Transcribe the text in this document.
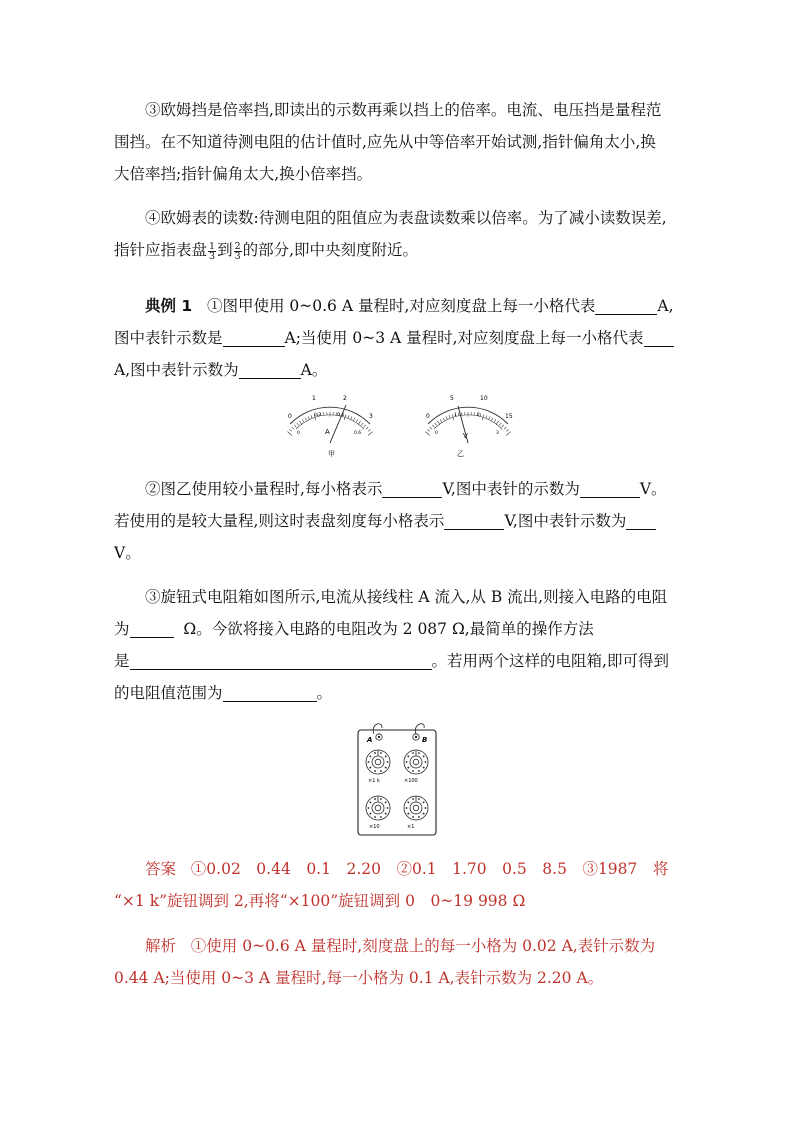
③欧姆挡是倍率挡,即读出的示数再乘以挡上的倍率。电流、电压挡是量程范

围挡。在不知道待测电阻的估计值时,应先从中等倍率开始试测,指针偏角太小,换

大倍率挡;指针偏角太大,换小倍率挡。

④欧姆表的读数:待测电阻的阻值应为表盘读数乘以倍率。为了减小读数误差,

指针应指表盘 $\frac{1}{3}$ 到 $\frac{2}{3}$ 的部分,即中央刻度附近。

典例 1 ①图甲使用 0~0.6 A 量程时,对应刻度盘上每一小格代表	A,

图中表针示数是	A;当使用 0~3 A 量程时,对应刻度盘上每一小格代表

A,图中表针示数为	A。

0
1	2
3
0
0.2	0.4
0.6
A
甲
0
5	10
15
0
1	2
3
V
乙

②图乙使用较小量程时,每小格表示	V,图中表针的示数为	V。

若使用的是较大量程,则这时表盘刻度每小格表示	V,图中表针示数为

V。

③旋钮式电阻箱如图所示,电流从接线柱 A 流入,从 B 流出,则接入电路的电阻

为	Ω。今欲将接入电路的电阻改为 2 087 Ω,最简单的操作方法

是	。若用两个这样的电阻箱,即可得到

的电阻值范围为	。

A	B
×1 k	×100
×10	×1

答案 ①0.02　0.44　0.1　2.20　②0.1　1.70　0.5　8.5　③1987　将

“×1 k”旋钮调到 2,再将“×100”旋钮调到 0　0~19 998 Ω

解析 ①使用 0~0.6 A 量程时,刻度盘上的每一小格为 0.02 A,表针示数为

0.44 A;当使用 0~3 A 量程时,每一小格为 0.1 A,表针示数为 2.20 A。
